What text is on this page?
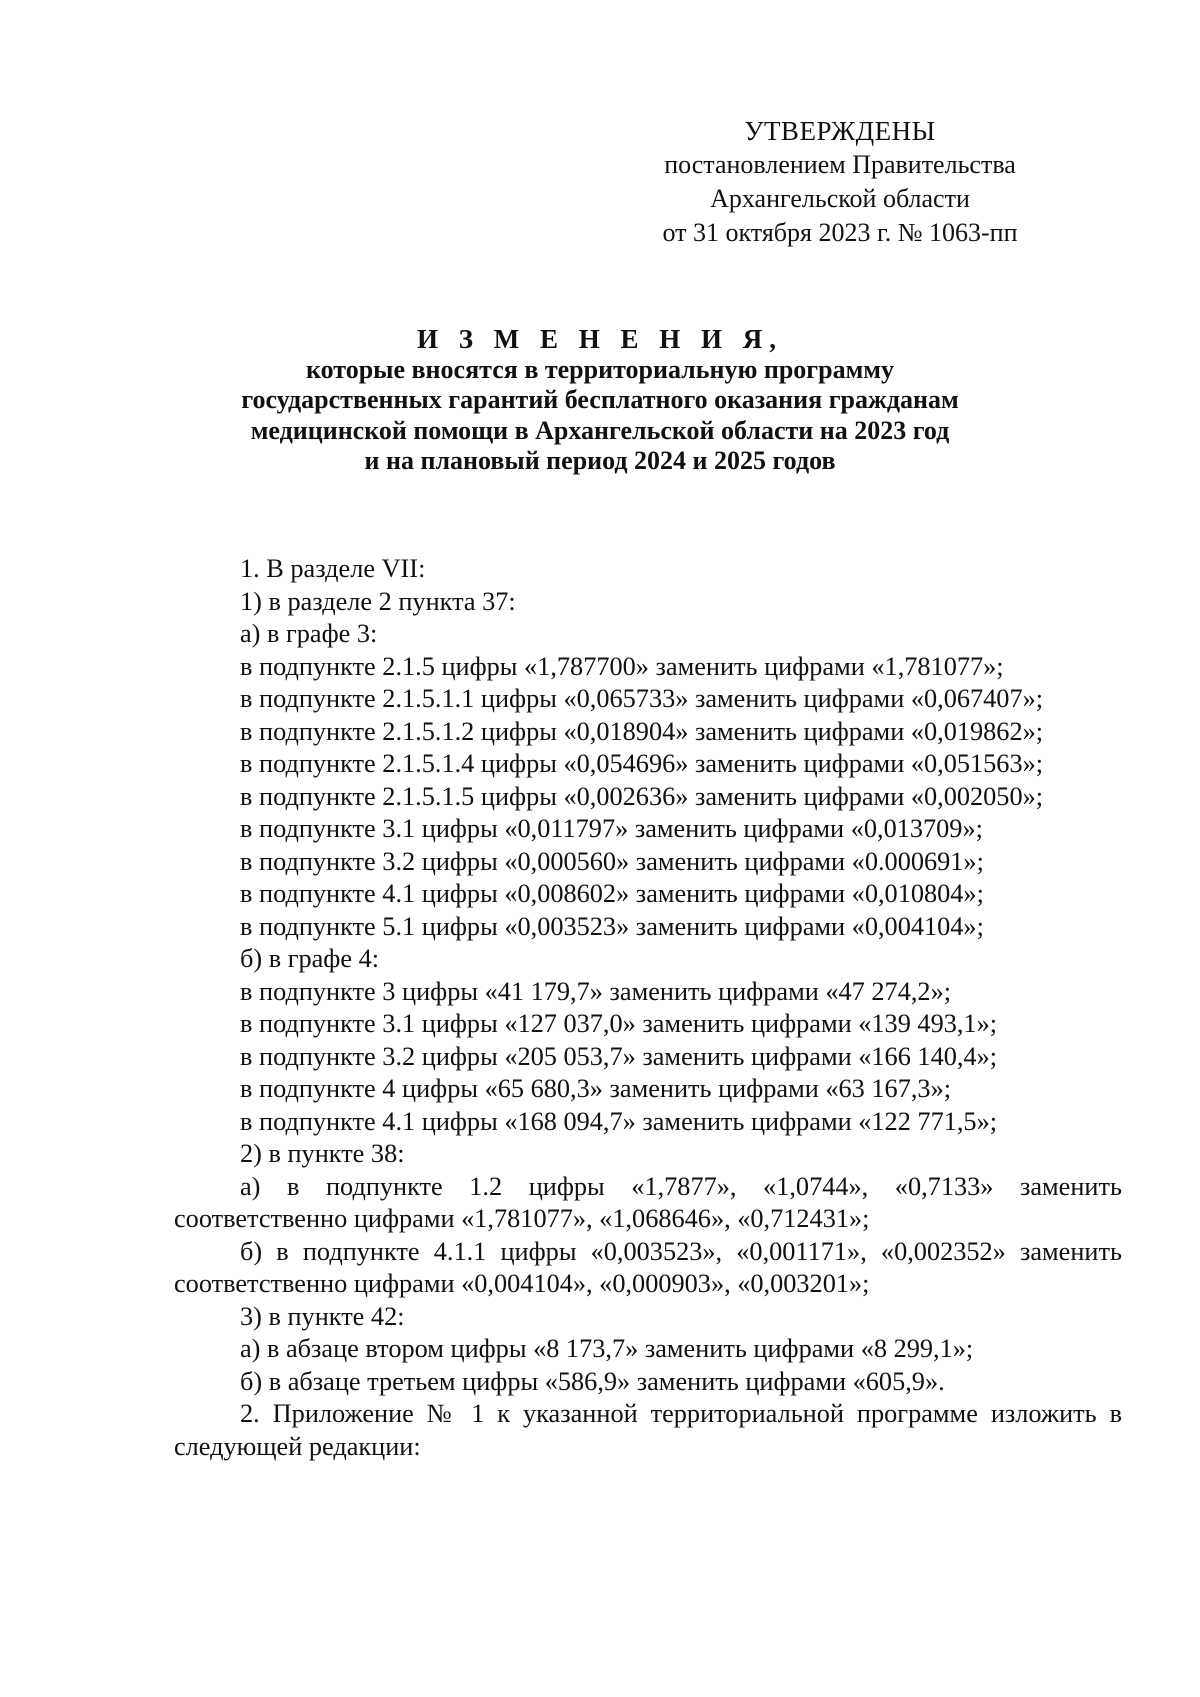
УТВЕРЖДЕНЫ
постановлением Правительства
Архангельской области
от 31 октября 2023 г. № 1063-пп
И З М Е Н Е Н И Я,
которые вносятся в территориальную программу
государственных гарантий бесплатного оказания гражданам
медицинской помощи в Архангельской области на 2023 год
и на плановый период 2024 и 2025 годов
1. В разделе VII:
1) в разделе 2 пункта 37:
а) в графе 3:
в подпункте 2.1.5 цифры «1,787700» заменить цифрами «1,781077»;
в подпункте 2.1.5.1.1 цифры «0,065733» заменить цифрами «0,067407»;
в подпункте 2.1.5.1.2 цифры «0,018904» заменить цифрами «0,019862»;
в подпункте 2.1.5.1.4 цифры «0,054696» заменить цифрами «0,051563»;
в подпункте 2.1.5.1.5 цифры «0,002636» заменить цифрами «0,002050»;
в подпункте 3.1 цифры «0,011797» заменить цифрами «0,013709»;
в подпункте 3.2 цифры «0,000560» заменить цифрами «0.000691»;
в подпункте 4.1 цифры «0,008602» заменить цифрами «0,010804»;
в подпункте 5.1 цифры «0,003523» заменить цифрами «0,004104»;
б) в графе 4:
в подпункте 3 цифры «41 179,7» заменить цифрами «47 274,2»;
в подпункте 3.1 цифры «127 037,0» заменить цифрами «139 493,1»;
в подпункте 3.2 цифры «205 053,7» заменить цифрами «166 140,4»;
в подпункте 4 цифры «65 680,3» заменить цифрами «63 167,3»;
в подпункте 4.1 цифры «168 094,7» заменить цифрами «122 771,5»;
2) в пункте 38:
а) в подпункте 1.2 цифры «1,7877», «1,0744», «0,7133» заменить соответственно цифрами «1,781077», «1,068646», «0,712431»;
б) в подпункте 4.1.1 цифры «0,003523», «0,001171», «0,002352» заменить соответственно цифрами «0,004104», «0,000903», «0,003201»;
3) в пункте 42:
а) в абзаце втором цифры «8 173,7» заменить цифрами «8 299,1»;
б) в абзаце третьем цифры «586,9» заменить цифрами «605,9».
2. Приложение № 1 к указанной территориальной программе изложить в следующей редакции:
